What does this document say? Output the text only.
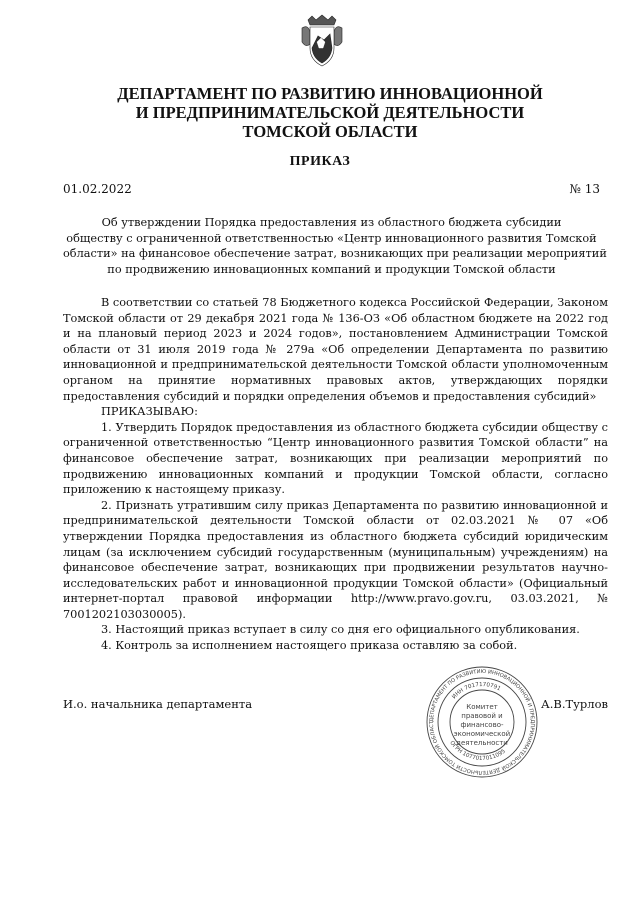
ДЕПАРТАМЕНТ ПО РАЗВИТИЮ ИННОВАЦИОННОЙ
И ПРЕДПРИНИМАТЕЛЬСКОЙ ДЕЯТЕЛЬНОСТИ
ТОМСКОЙ ОБЛАСТИ
ПРИКАЗ
01.02.2022	№ 13
Об утверждении Порядка предоставления из областного бюджета субсидии
обществу с ограниченной ответственностью «Центр инновационного развития Томской
области» на финансовое обеспечение затрат, возникающих при реализации мероприятий
по продвижению инновационных компаний и продукции Томской области

В соответствии со статьей 78 Бюджетного кодекса Российской Федерации, Законом Томской области от 29 декабря 2021 года № 136-ОЗ «Об областном бюджете на 2022 год и на плановый период 2023 и 2024 годов», постановлением Администрации Томской области от 31 июля 2019 года № 279а «Об определении Департамента по развитию инновационной и предпринимательской деятельности Томской области уполномоченным органом на принятие нормативных правовых актов, утверждающих порядки предоставления субсидий и порядки определения объемов и предоставления субсидий»

ПРИКАЗЫВАЮ:

1. Утвердить Порядок предоставления из областного бюджета субсидии обществу с ограниченной ответственностью “Центр инновационного развития Томской области” на финансовое обеспечение затрат, возникающих при реализации мероприятий по продвижению инновационных компаний и продукции Томской области, согласно приложению к настоящему приказу.

2. Признать утратившим силу приказ Департамента по развитию инновационной и предпринимательской деятельности Томской области от 02.03.2021 № 07 «Об утверждении Порядка предоставления из областного бюджета субсидий юридическим лицам (за исключением субсидий государственным (муниципальным) учреждениям) на финансовое обеспечение затрат, возникающих при продвижении результатов научно-исследовательских работ и инновационной продукции Томской области» (Официальный интернет-портал правовой информации http://www.pravo.gov.ru, 03.03.2021, № 7001202103030005).

3. Настоящий приказ вступает в силу со дня его официального опубликования.

4. Контроль за исполнением настоящего приказа оставляю за собой.

И.о. начальника департамента	А.В.Турлов
ДЕПАРТАМЕНТ ПО РАЗВИТИЮ ИННОВАЦИОННОЙ И ПРЕДПРИНИМАТЕЛЬСКОЙ ДЕЯТЕЛЬНОСТИ ТОМСКОЙ ОБЛАСТ
ИНН 7017170791
ОГРН 1077017011095
Комитет
правовой и
финансово-
экономической
деятельности
